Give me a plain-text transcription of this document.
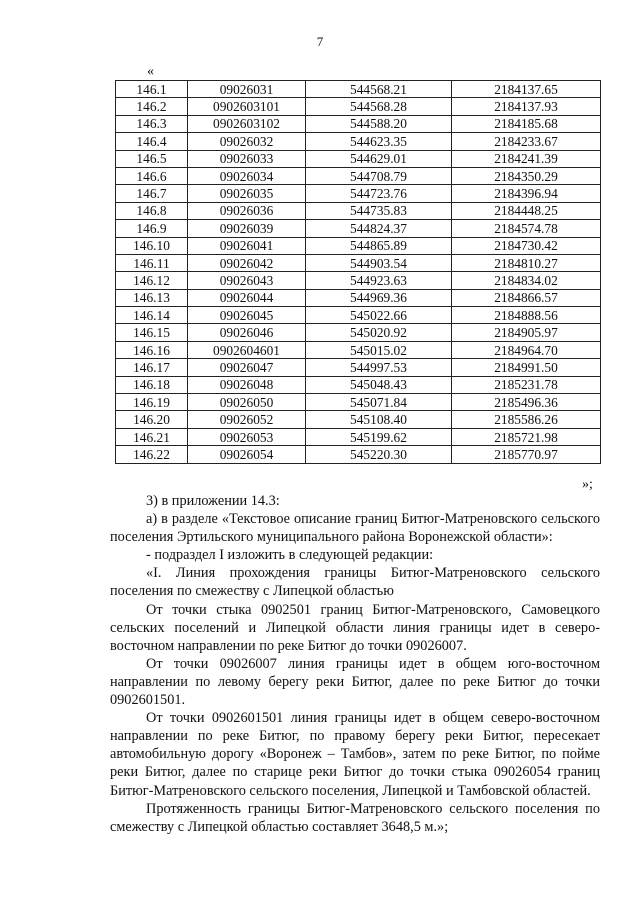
7
«
146.1	09026031	544568.21	2184137.65
146.2	0902603101	544568.28	2184137.93
146.3	0902603102	544588.20	2184185.68
146.4	09026032	544623.35	2184233.67
146.5	09026033	544629.01	2184241.39
146.6	09026034	544708.79	2184350.29
146.7	09026035	544723.76	2184396.94
146.8	09026036	544735.83	2184448.25
146.9	09026039	544824.37	2184574.78
146.10	09026041	544865.89	2184730.42
146.11	09026042	544903.54	2184810.27
146.12	09026043	544923.63	2184834.02
146.13	09026044	544969.36	2184866.57
146.14	09026045	545022.66	2184888.56
146.15	09026046	545020.92	2184905.97
146.16	0902604601	545015.02	2184964.70
146.17	09026047	544997.53	2184991.50
146.18	09026048	545048.43	2185231.78
146.19	09026050	545071.84	2185496.36
146.20	09026052	545108.40	2185586.26
146.21	09026053	545199.62	2185721.98
146.22	09026054	545220.30	2185770.97
»;

3) в приложении 14.3:

а) в разделе «Текстовое описание границ Битюг-Матреновского сельского поселения Эртильского муниципального района Воронежской области»:

- подраздел I изложить в следующей редакции:

«I. Линия прохождения границы Битюг-Матреновского сельского поселения по смежеству с Липецкой областью

От точки стыка 0902501 границ Битюг-Матреновского, Самовецкого сельских поселений и Липецкой области линия границы идет в северо-восточном направлении по реке Битюг до точки 09026007.

От точки 09026007 линия границы идет в общем юго-восточном направлении по левому берегу реки Битюг, далее по реке Битюг до точки 0902601501.

От точки 0902601501 линия границы идет в общем северо-восточном направлении по реке Битюг, по правому берегу реки Битюг, пересекает автомобильную дорогу «Воронеж – Тамбов», затем по реке Битюг, по пойме реки Битюг, далее по старице реки Битюг до точки стыка 09026054 границ Битюг-Матреновского сельского поселения, Липецкой и Тамбовской областей.

Протяженность границы Битюг-Матреновского сельского поселения по смежеству с Липецкой областью составляет 3648,5 м.»;
